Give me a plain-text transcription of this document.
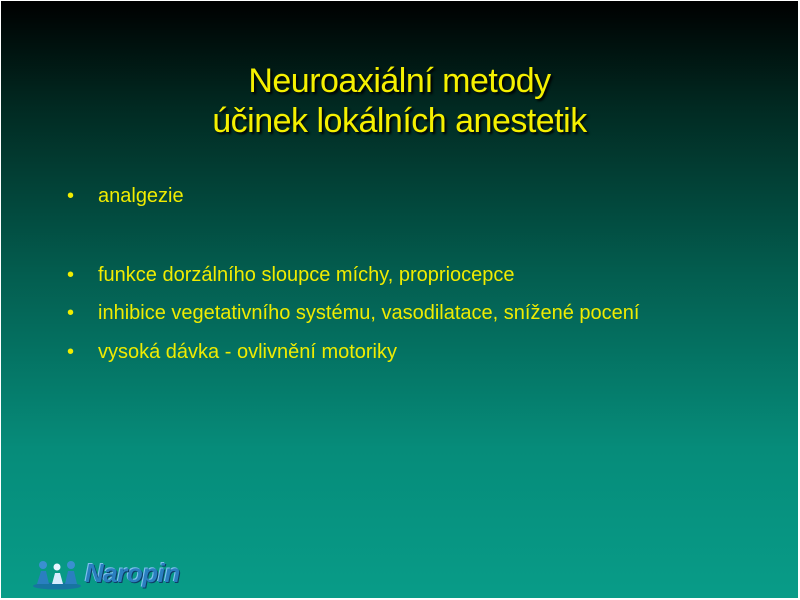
Neuroaxiální metody
účinek lokálních anestetik
• analgezie
• funkce dorzálního sloupce míchy, propriocepce
• inhibice vegetativního systému, vasodilatace, snížené pocení
• vysoká dávka - ovlivnění motoriky
Naropin
